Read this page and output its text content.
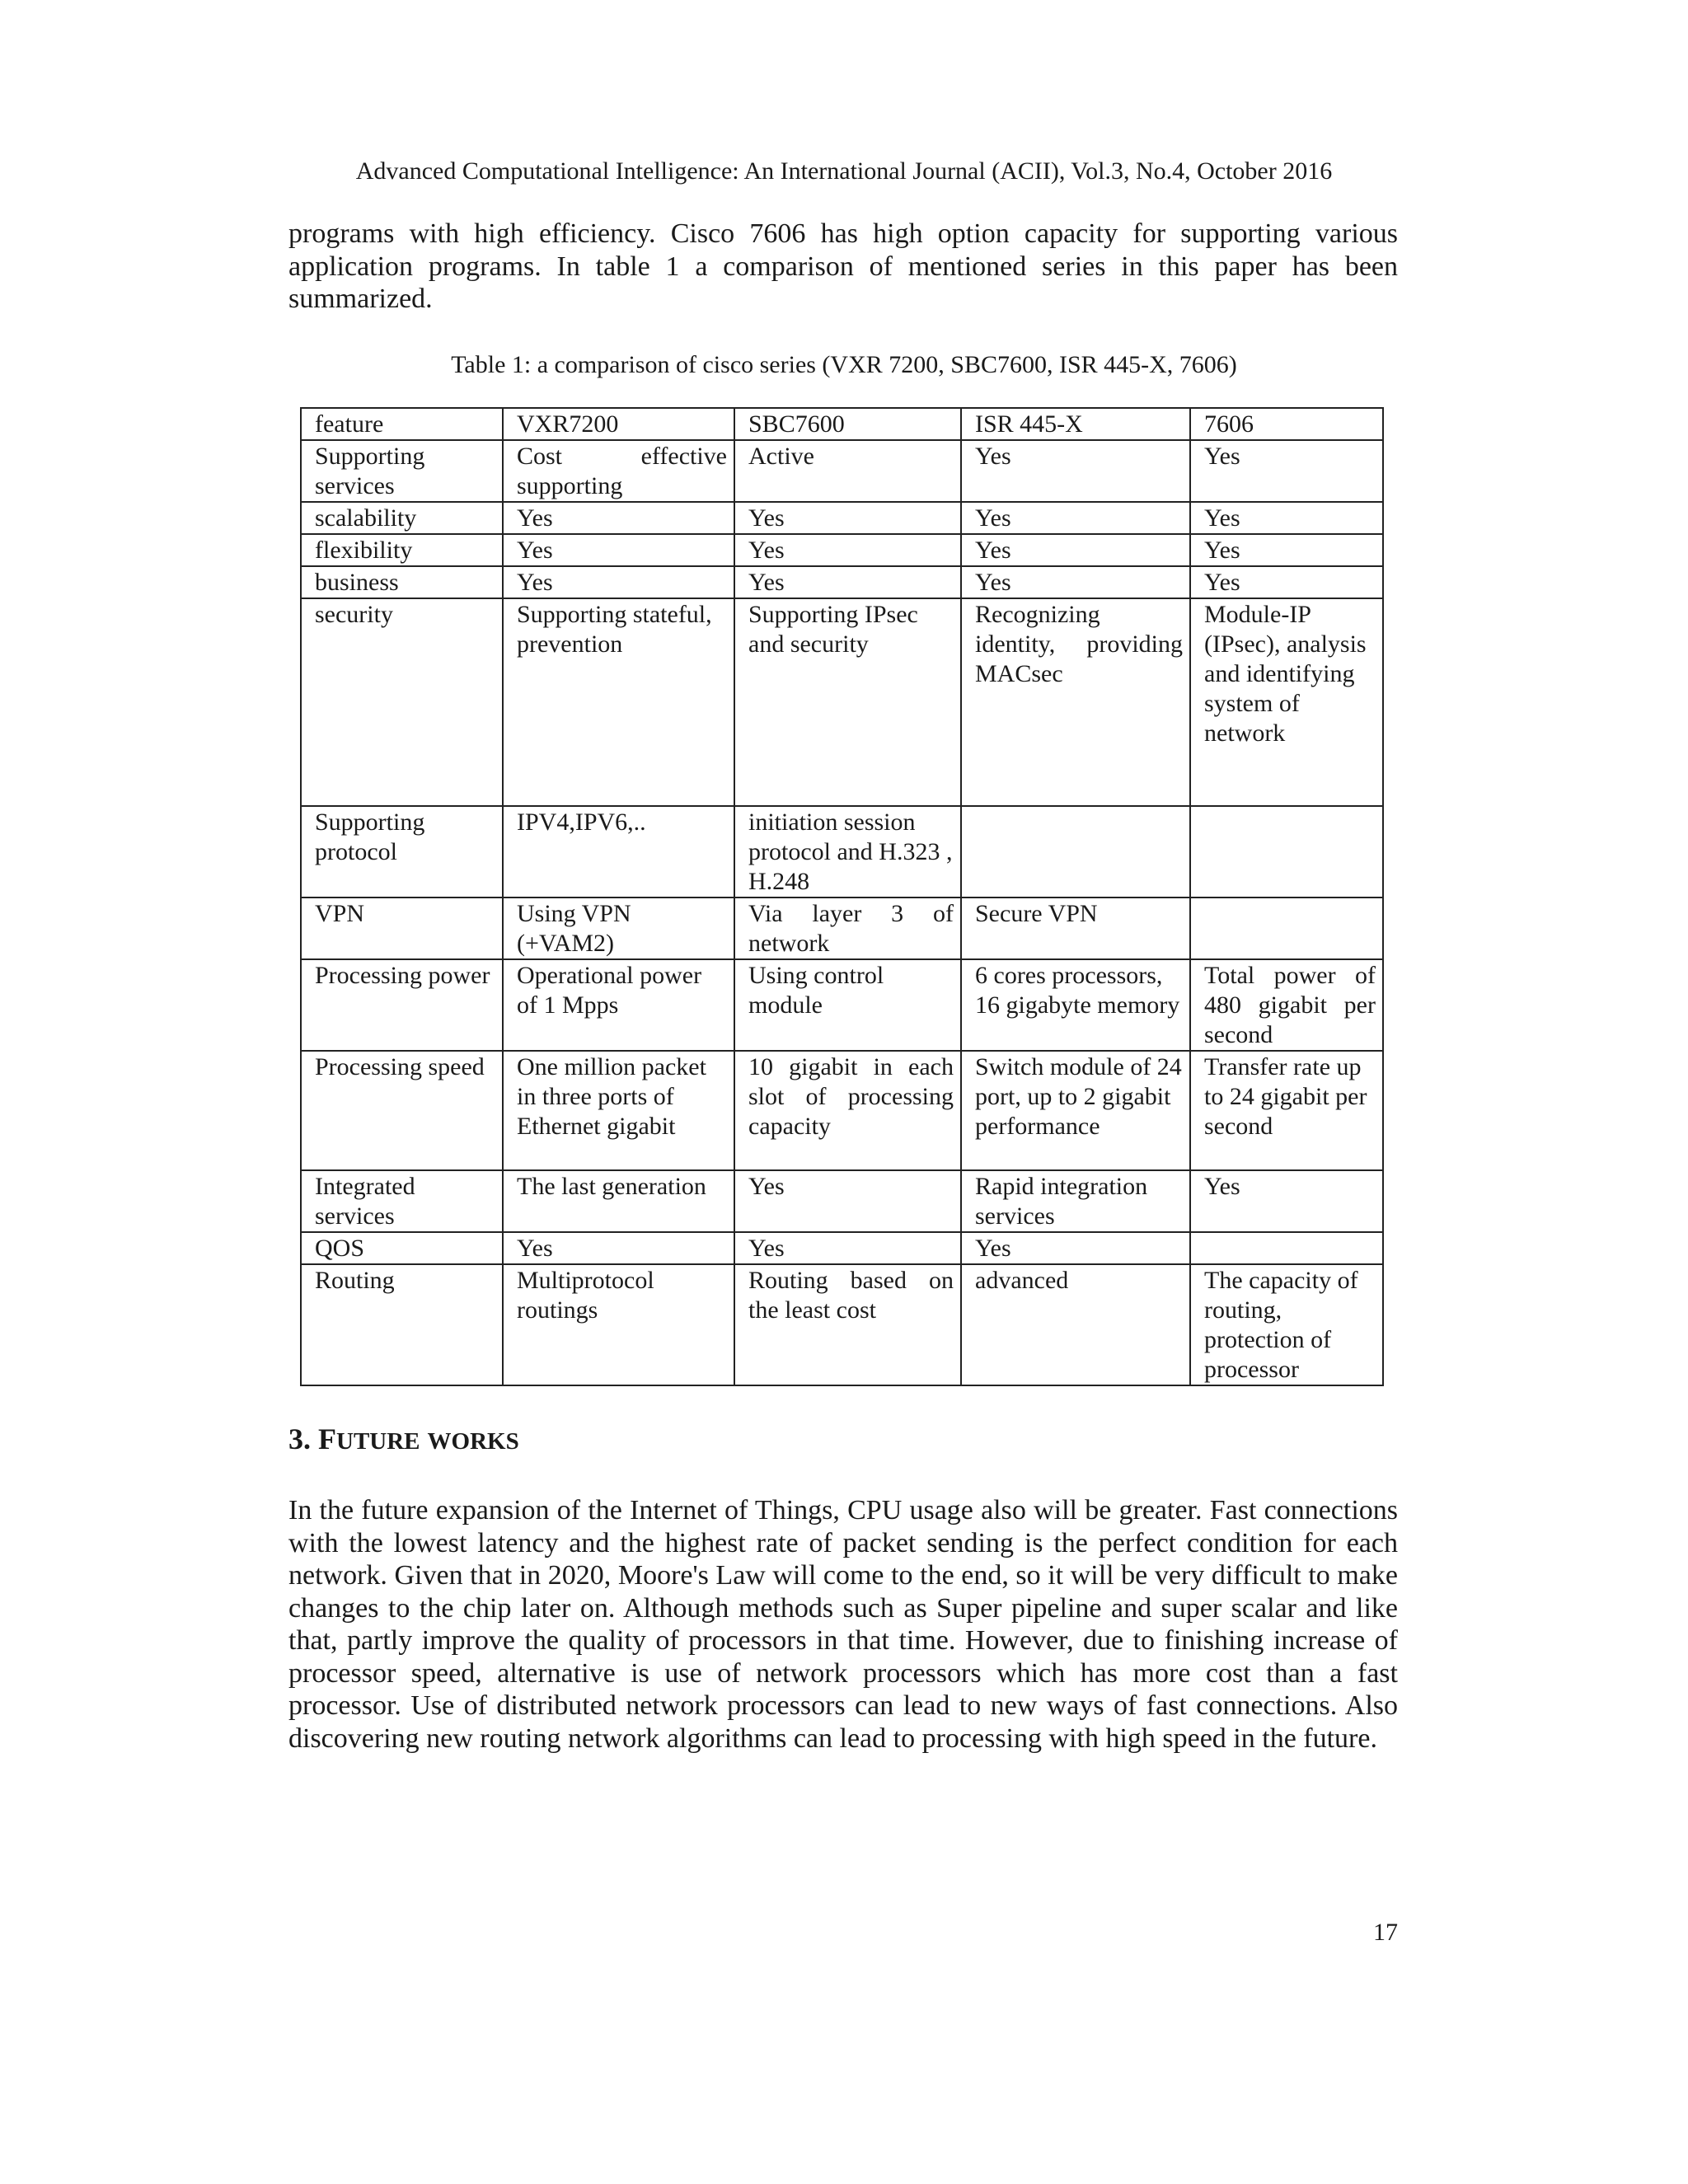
Advanced Computational Intelligence: An International Journal (ACII), Vol.3, No.4, October 2016
programs with high efficiency. Cisco 7606 has high option capacity for supporting various application programs. In table 1 a comparison of mentioned series in this paper has been summarized.
Table 1: a comparison of cisco series (VXR 7200, SBC7600, ISR 445-X, 7606)
feature	VXR7200	SBC7600	ISR 445-X	7606
Supporting services	Cost effective supporting	Active	Yes	Yes
scalability	Yes	Yes	Yes	Yes
flexibility	Yes	Yes	Yes	Yes
business	Yes	Yes	Yes	Yes
security	Supporting stateful, prevention	Supporting IPsec and security	Recognizing identity, providing MACsec	Module-IP (IPsec), analysis and identifying system of network
Supporting protocol	IPV4,IPV6,..	initiation session protocol and H.323 , H.248		
VPN	Using VPN (+VAM2)	Via layer 3 of network	Secure VPN	
Processing power	Operational power of 1 Mpps	Using control module	6 cores processors, 16 gigabyte memory	Total power of 480 gigabit per second
Processing speed	One million packet in three ports of Ethernet gigabit	10 gigabit in each slot of processing capacity	Switch module of 24 port, up to 2 gigabit performance	Transfer rate up to 24 gigabit per second
Integrated services	The last generation	Yes	Rapid integration services	Yes
QOS	Yes	Yes	Yes	
Routing	Multiprotocol routings	Routing based on the least cost	advanced	The capacity of routing, protection of processor
3. FUTURE WORKS
In the future expansion of the Internet of Things, CPU usage also will be greater. Fast connections with the lowest latency and the highest rate of packet sending is the perfect condition for each network. Given that in 2020, Moore's Law will come to the end, so it will be very difficult to make changes to the chip later on. Although methods such as Super pipeline and super scalar and like that, partly improve the quality of processors in that time. However, due to finishing increase of processor speed, alternative is use of network processors which has more cost than a fast processor. Use of distributed network processors can lead to new ways of fast connections. Also discovering new routing network algorithms can lead to processing with high speed in the future.
17
